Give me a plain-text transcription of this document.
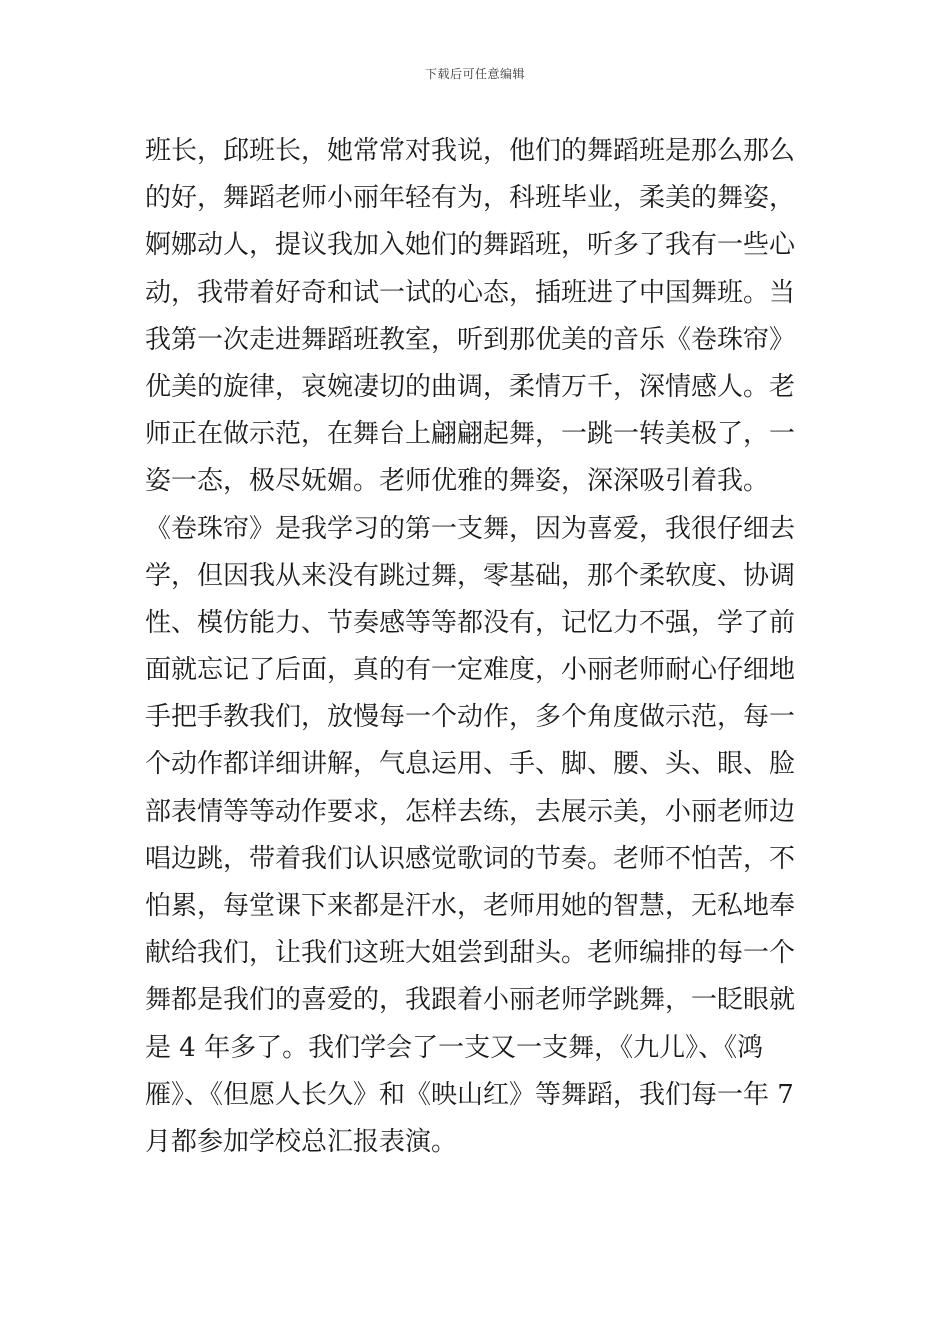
下载后可任意编辑
班长，邱班长，她常常对我说，他们的舞蹈班是那么那么
的好，舞蹈老师小丽年轻有为，科班毕业，柔美的舞姿，
婀娜动人，提议我加入她们的舞蹈班，听多了我有一些心
动，我带着好奇和试一试的心态，插班进了中国舞班。当
我第一次走进舞蹈班教室，听到那优美的音乐《卷珠帘》
优美的旋律，哀婉凄切的曲调，柔情万千，深情感人。老
师正在做示范，在舞台上翩翩起舞，一跳一转美极了，一
姿一态，极尽妩媚。老师优雅的舞姿，深深吸引着我。
《卷珠帘》是我学习的第一支舞，因为喜爱，我很仔细去
学，但因我从来没有跳过舞，零基础，那个柔软度、协调
性、模仿能力、节奏感等等都没有，记忆力不强，学了前
面就忘记了后面，真的有一定难度，小丽老师耐心仔细地
手把手教我们，放慢每一个动作，多个角度做示范，每一
个动作都详细讲解，气息运用、手、脚、腰、头、眼、脸
部表情等等动作要求，怎样去练，去展示美，小丽老师边
唱边跳，带着我们认识感觉歌词的节奏。老师不怕苦，不
怕累，每堂课下来都是汗水，老师用她的智慧，无私地奉
献给我们，让我们这班大姐尝到甜头。老师编排的每一个
舞都是我们的喜爱的，我跟着小丽老师学跳舞，一眨眼就
是 4 年多了。我们学会了一支又一支舞，《九儿》、《鸿
雁》、《但愿人长久》和《映山红》等舞蹈，我们每一年 7
月都参加学校总汇报表演。
